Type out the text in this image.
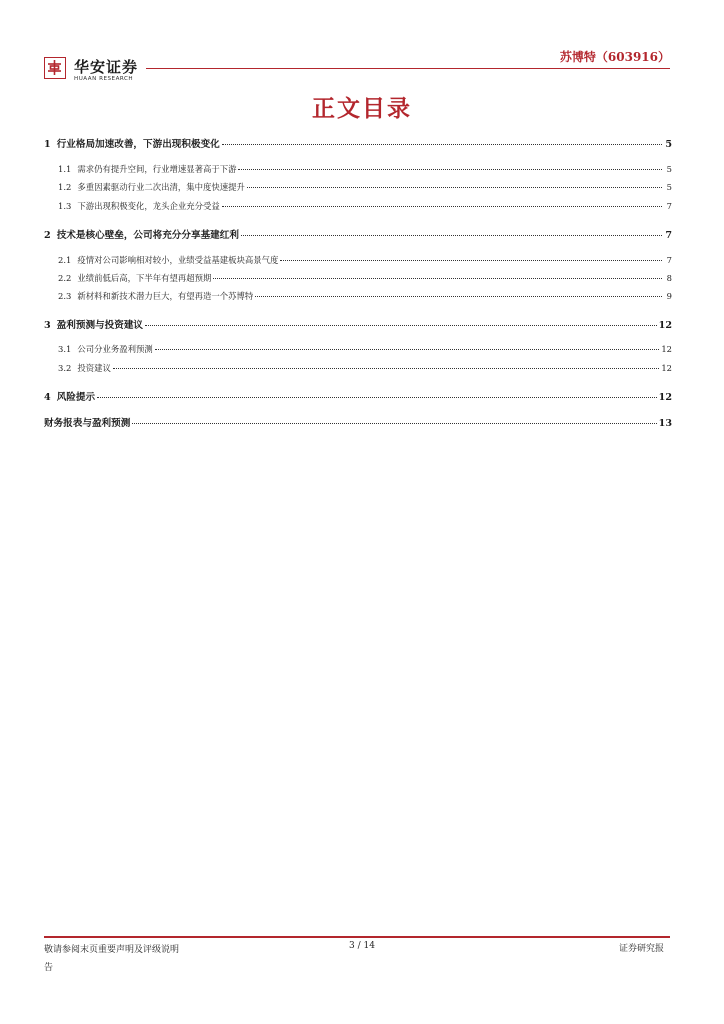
华安证券
HUAAN RESEARCH
苏博特（603916）
正文目录
1 行业格局加速改善，下游出现积极变化	5
1.1 需求仍有提升空间，行业增速显著高于下游	5
1.2 多重因素驱动行业二次出清，集中度快速提升	5
1.3 下游出现积极变化，龙头企业充分受益	7
2 技术是核心壁垒，公司将充分分享基建红利	7
2.1 疫情对公司影响相对较小，业绩受益基建板块高景气度	7
2.2 业绩前低后高，下半年有望再超预期	8
2.3 新材料和新技术潜力巨大，有望再造一个苏博特	9
3 盈利预测与投资建议	12
3.1 公司分业务盈利预测	12
3.2 投资建议	12
4 风险提示	12
财务报表与盈利预测	13
敬请参阅末页重要声明及评级说明
告
3 / 14	证券研究报
